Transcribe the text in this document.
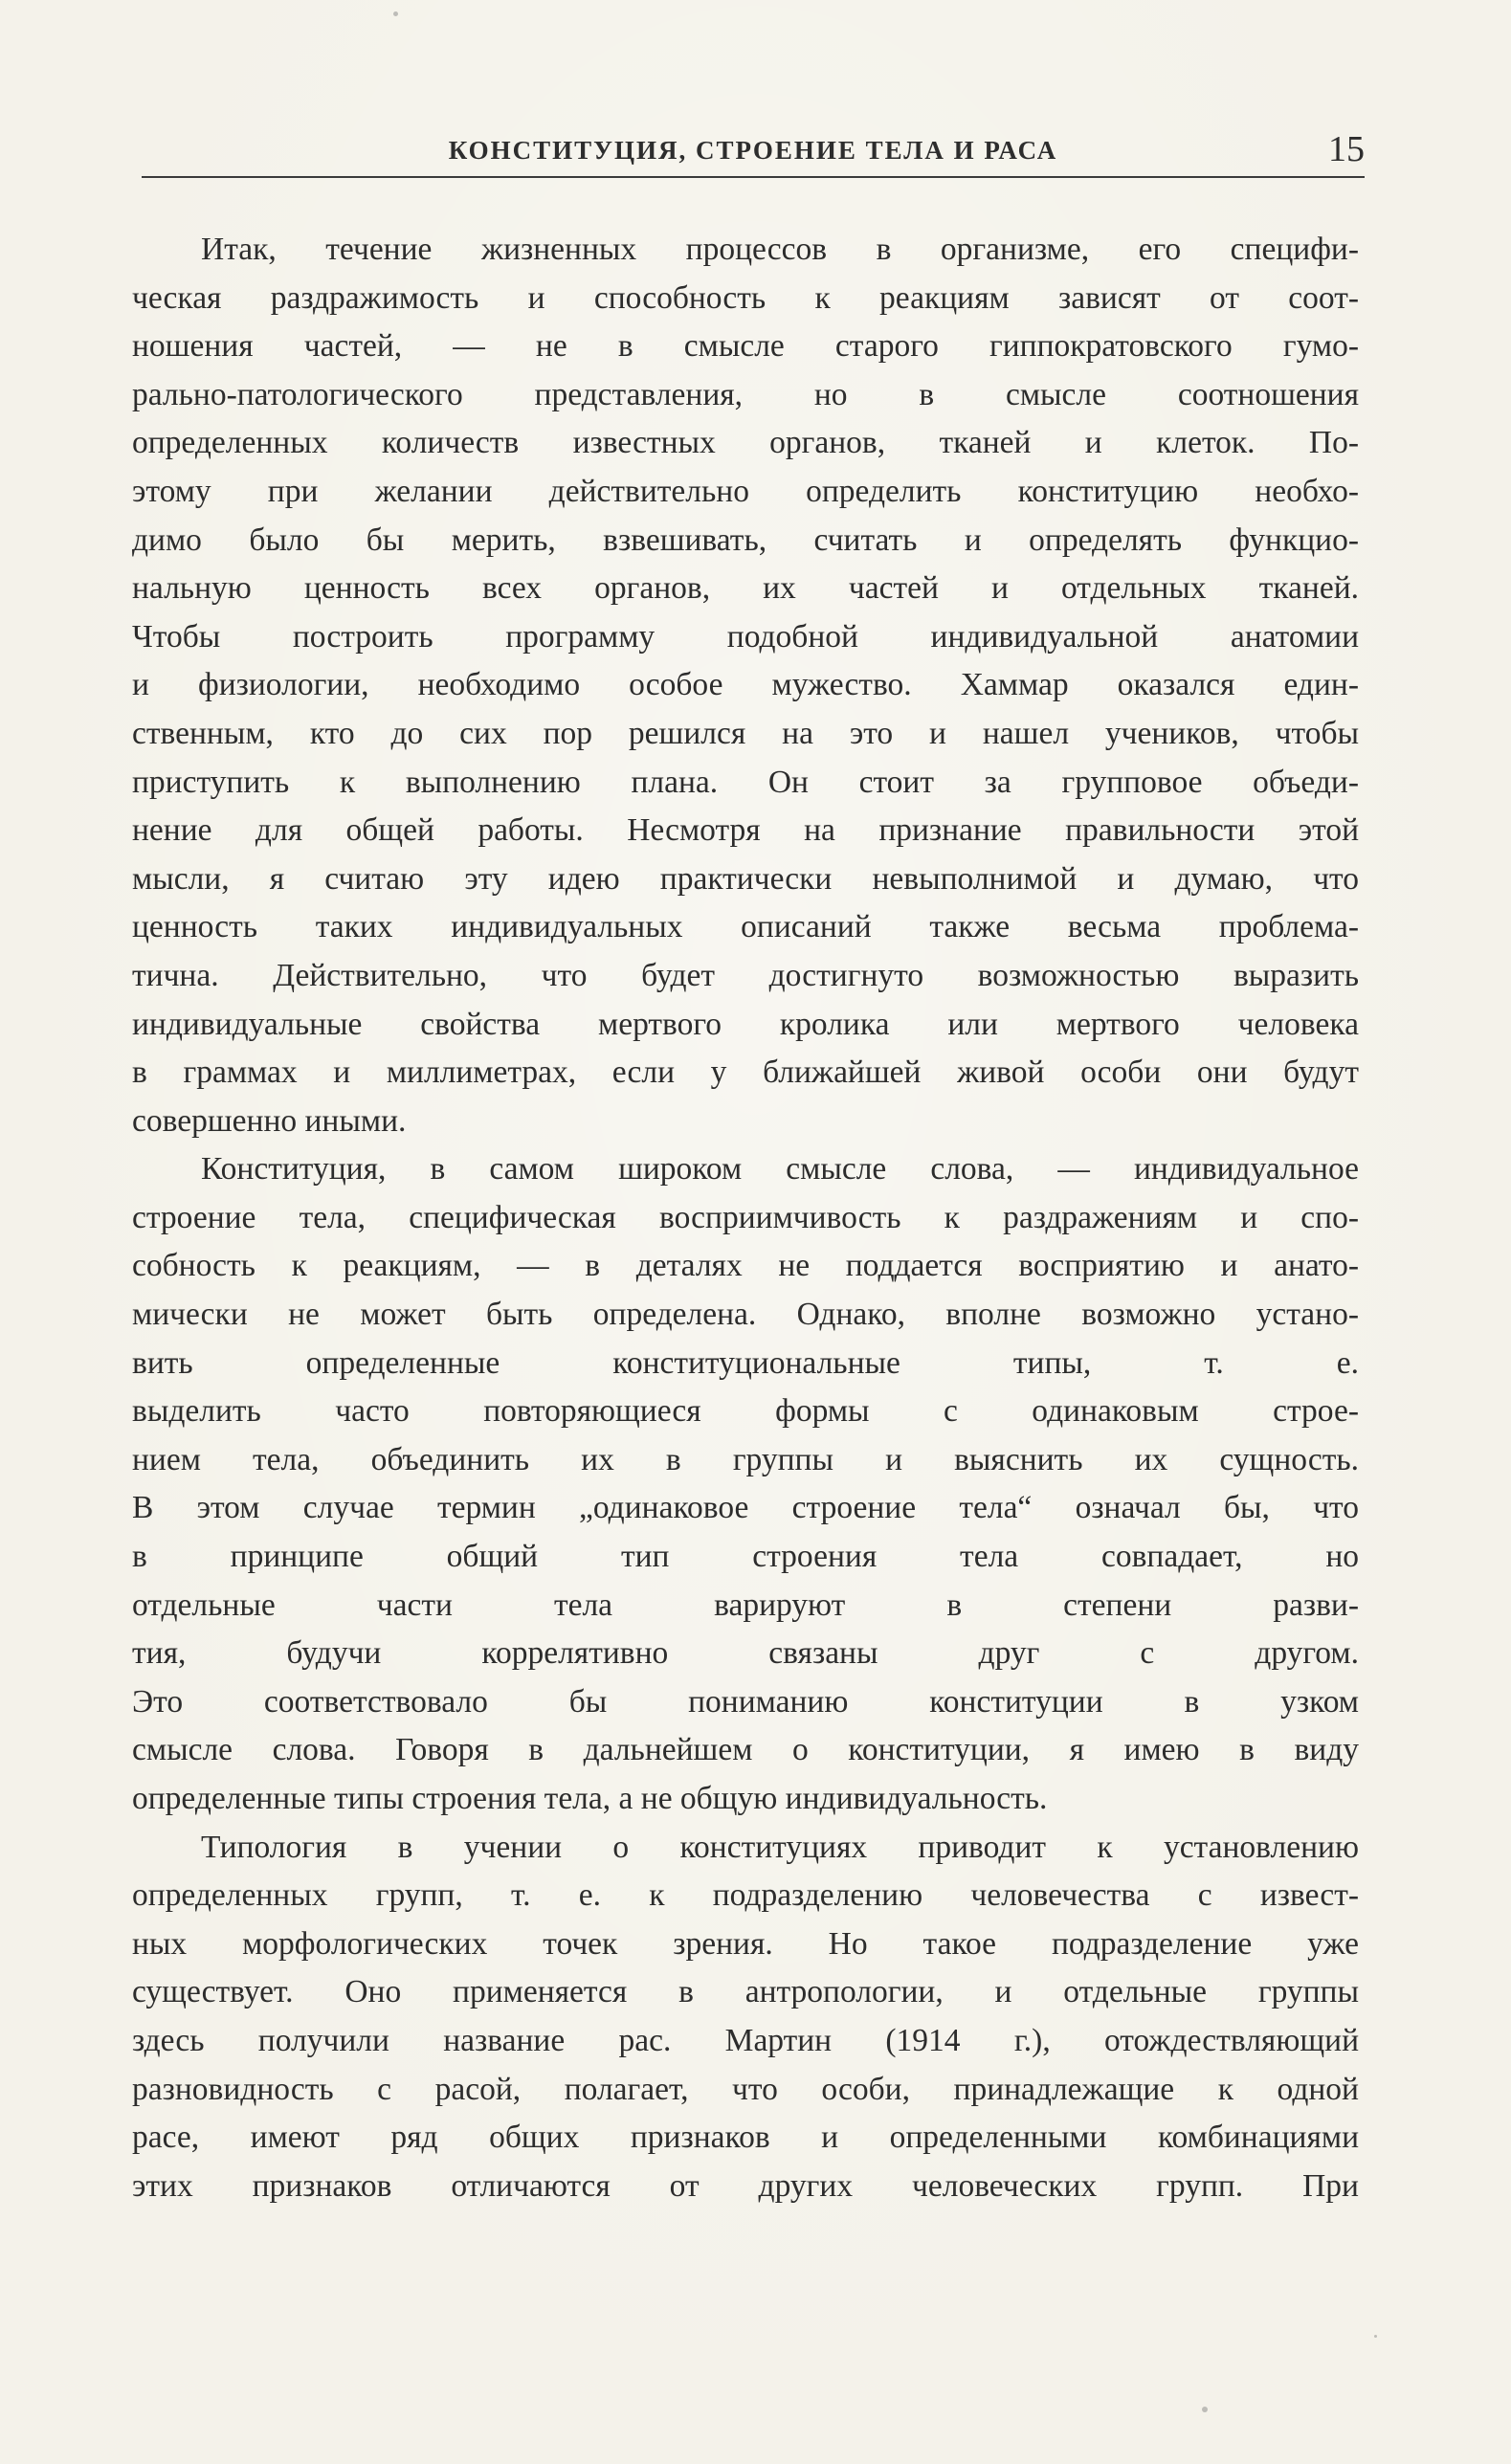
КОНСТИТУЦИЯ, СТРОЕНИЕ ТЕЛА И РАСА	15

Итак, течение жизненных процессов в организме, его специфи-
ческая раздражимость и способность к реакциям зависят от соот-
ношения частей, — не в смысле старого гиппократовского гумо-
рально-патологического представления, но в смысле соотношения
определенных количеств известных органов, тканей и клеток. По-
этому при желании действительно определить конституцию необхо-
димо было бы мерить, взвешивать, считать и определять функцио-
нальную ценность всех органов, их частей и отдельных тканей.
Чтобы построить программу подобной индивидуальной анатомии
и физиологии, необходимо особое мужество. Хаммар оказался един-
ственным, кто до сих пор решился на это и нашел учеников, чтобы
приступить к выполнению плана. Он стоит за групповое объеди-
нение для общей работы. Несмотря на признание правильности этой
мысли, я считаю эту идею практически невыполнимой и думаю, что
ценность таких индивидуальных описаний также весьма проблема-
тична. Действительно, что будет достигнуто возможностью выразить
индивидуальные свойства мертвого кролика или мертвого человека
в граммах и миллиметрах, если у ближайшей живой особи они будут
совершенно иными.

Конституция, в самом широком смысле слова, — индивидуальное
строение тела, специфическая восприимчивость к раздражениям и спо-
собность к реакциям, — в деталях не поддается восприятию и анато-
мически не может быть определена. Однако, вполне возможно устано-
вить определенные конституциональные типы, т. е.
выделить часто повторяющиеся формы с одинаковым строе-
нием тела, объединить их в группы и выяснить их сущность.
В этом случае термин „одинаковое строение тела“ означал бы, что
в принципе общий тип строения тела совпадает, но
отдельные части тела варируют в степени разви-
тия, будучи коррелятивно связаны друг с другом.
Это соответствовало бы пониманию конституции в узком
смысле слова. Говоря в дальнейшем о конституции, я имею в виду
определенные типы строения тела, а не общую индивидуальность.

Типология в учении о конституциях приводит к установлению
определенных групп, т. е. к подразделению человечества с извест-
ных морфологических точек зрения. Но такое подразделение уже
существует. Оно применяется в антропологии, и отдельные группы
здесь получили название рас. Мартин (1914 г.), отождествляющий
разновидность с расой, полагает, что особи, принадлежащие к одной
расе, имеют ряд общих признаков и определенными комбинациями
этих признаков отличаются от других человеческих групп. При
